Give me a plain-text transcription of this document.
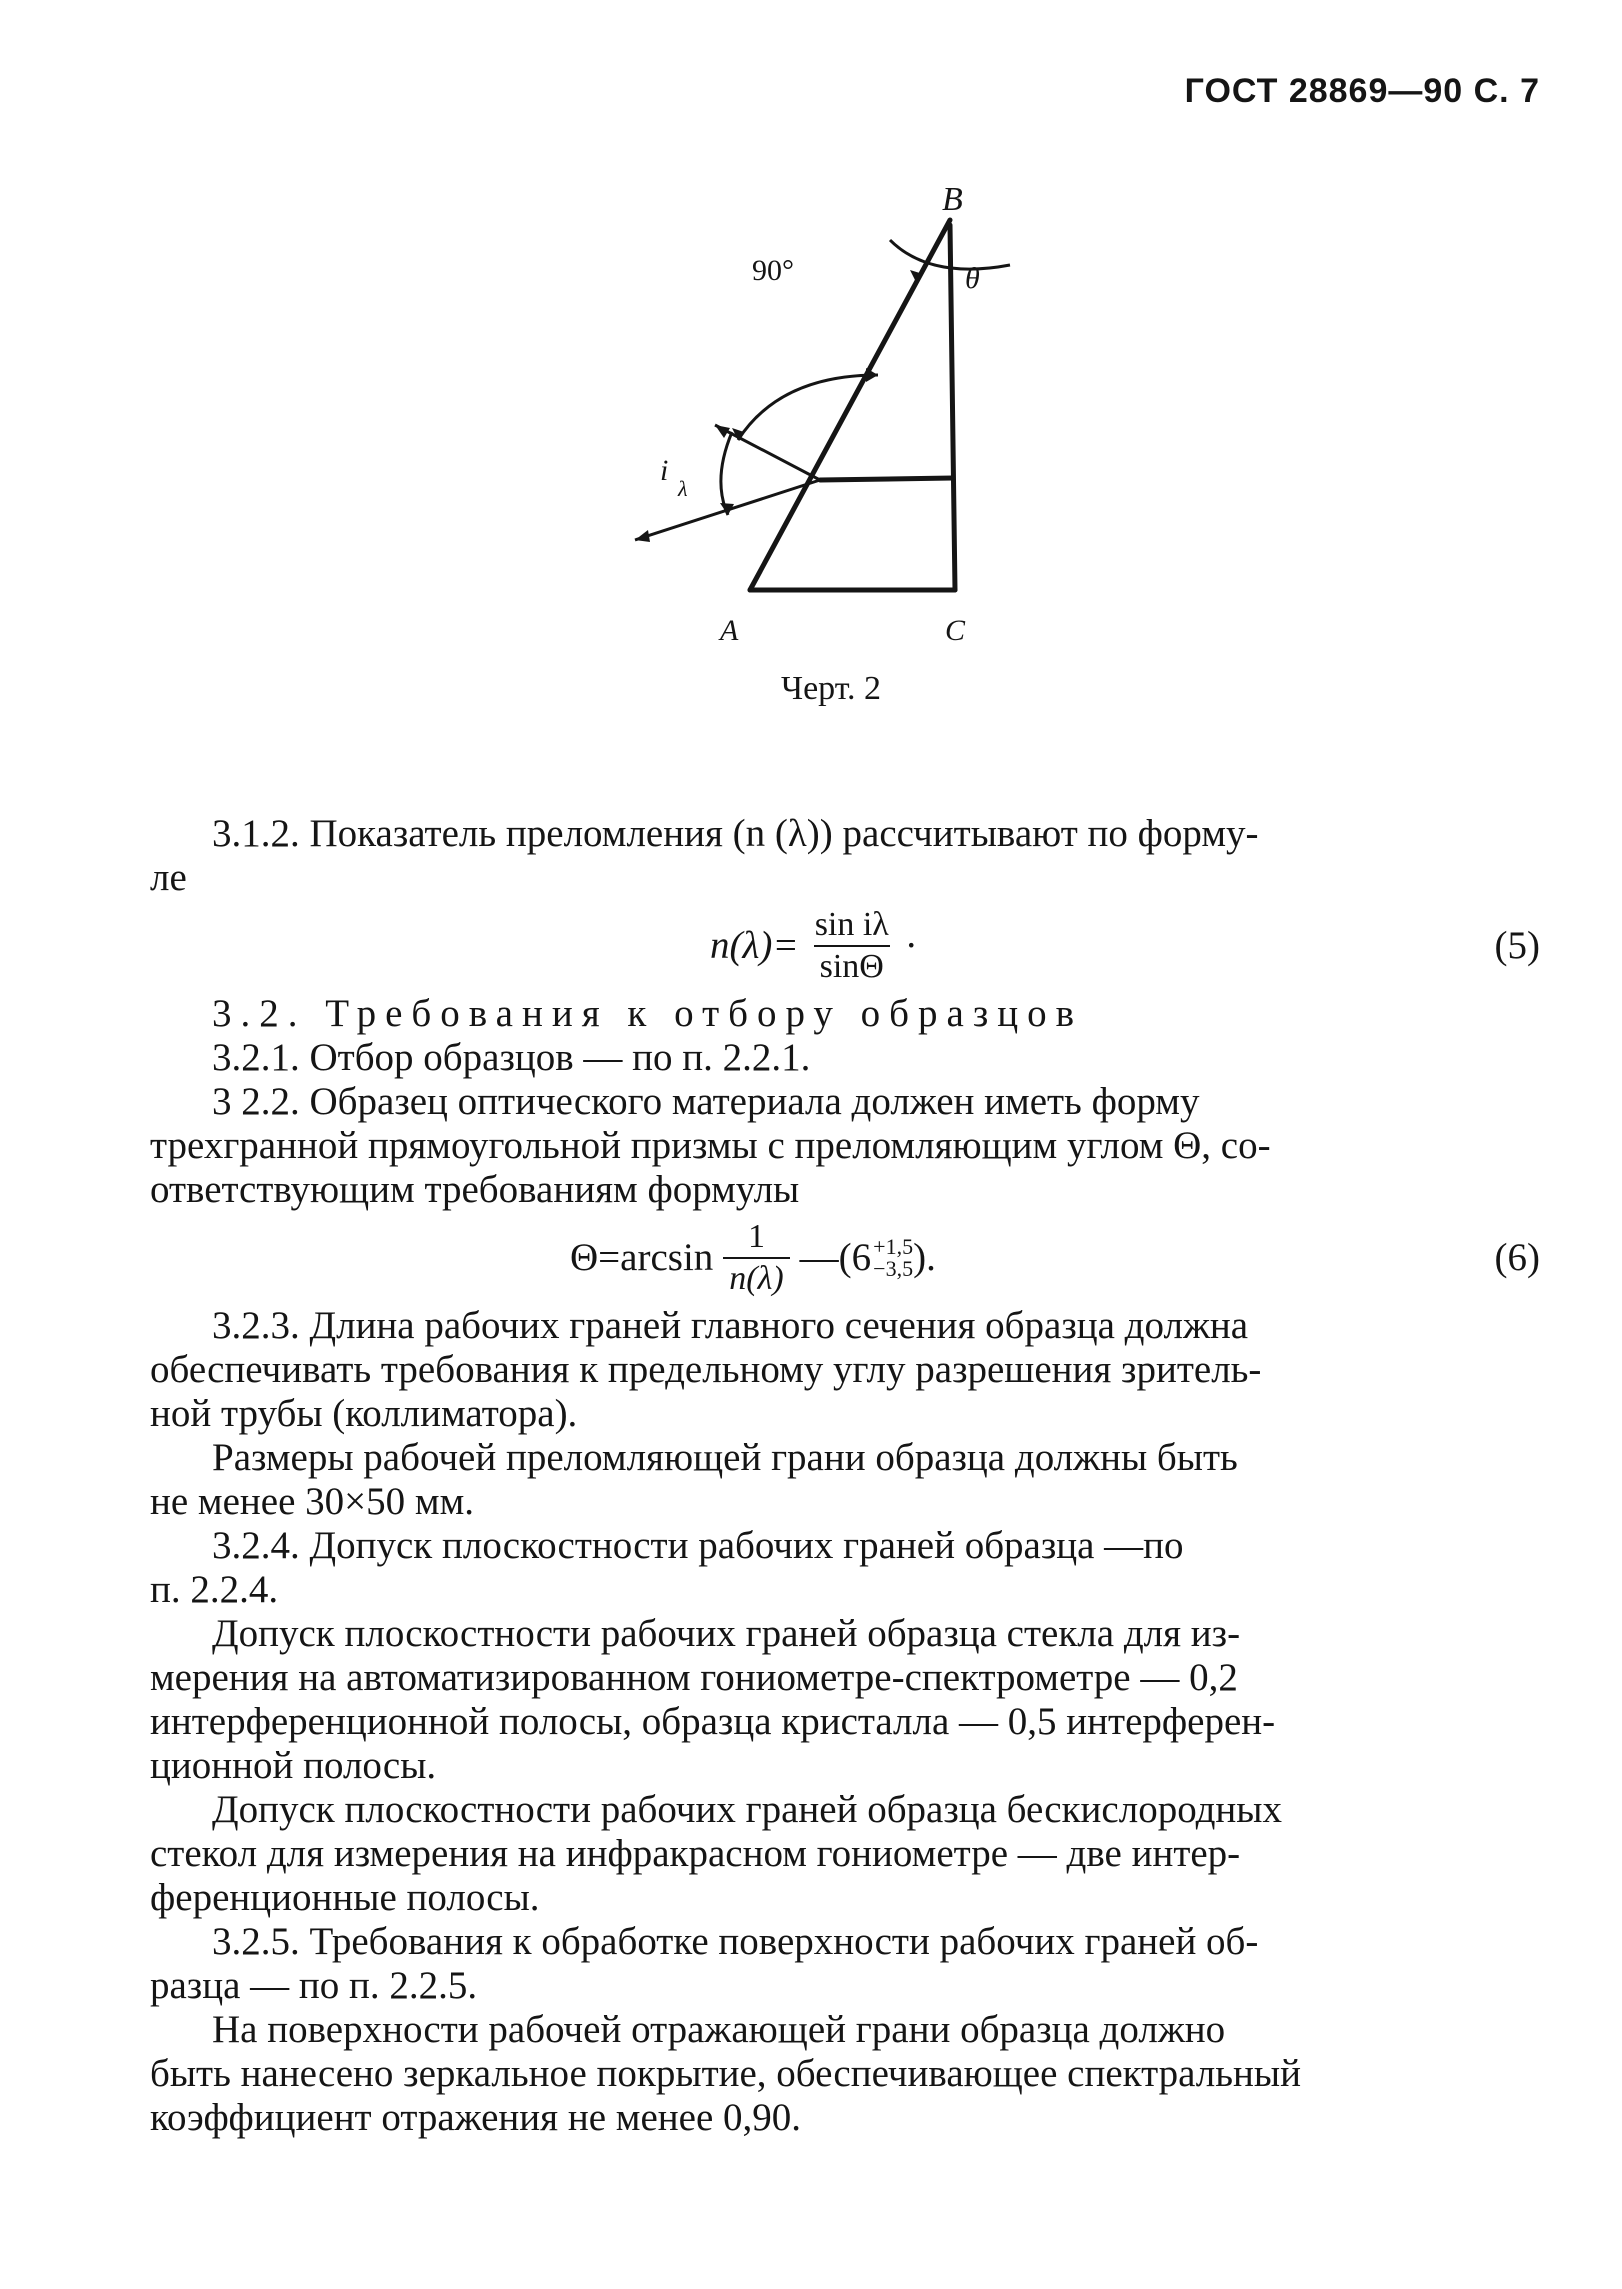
ГОСТ 28869—90 С. 7
B
θ
90°
i
λ
A	C
Черт. 2

3.1.2. Показатель преломления (n (λ)) рассчитывают по форму-

ле

$n(\lambda)= \frac{\text{sin iλ}}{\sin\Theta}$ ·	(5)

3.2. Требования к отбору образцов

3.2.1. Отбор образцов — по п. 2.2.1.

3 2.2. Образец оптического материала должен иметь форму

трехгранной прямоугольной призмы с преломляющим углом Θ, со-

ответствующим требованиям формулы

$\Theta=\arcsin \frac{1}{n(\lambda)}$ —(6 +1,5
−3,5 ).	(6)

3.2.3. Длина рабочих граней главного сечения образца должна

обеспечивать требования к предельному углу разрешения зритель-

ной трубы (коллиматора).

Размеры рабочей преломляющей грани образца должны быть

не менее 30×50 мм.

3.2.4. Допуск плоскостности рабочих граней образца —по

п. 2.2.4.

Допуск плоскостности рабочих граней образца стекла для из-

мерения на автоматизированном гониометре-спектрометре — 0,2

интерференционной полосы, образца кристалла — 0,5 интерферен-

ционной полосы.

Допуск плоскостности рабочих граней образца бескислородных

стекол для измерения на инфракрасном гониометре — две интер-

ференционные полосы.

3.2.5. Требования к обработке поверхности рабочих граней об-

разца — по п. 2.2.5.

На поверхности рабочей отражающей грани образца должно

быть нанесено зеркальное покрытие, обеспечивающее спектральный

коэффициент отражения не менее 0,90.
